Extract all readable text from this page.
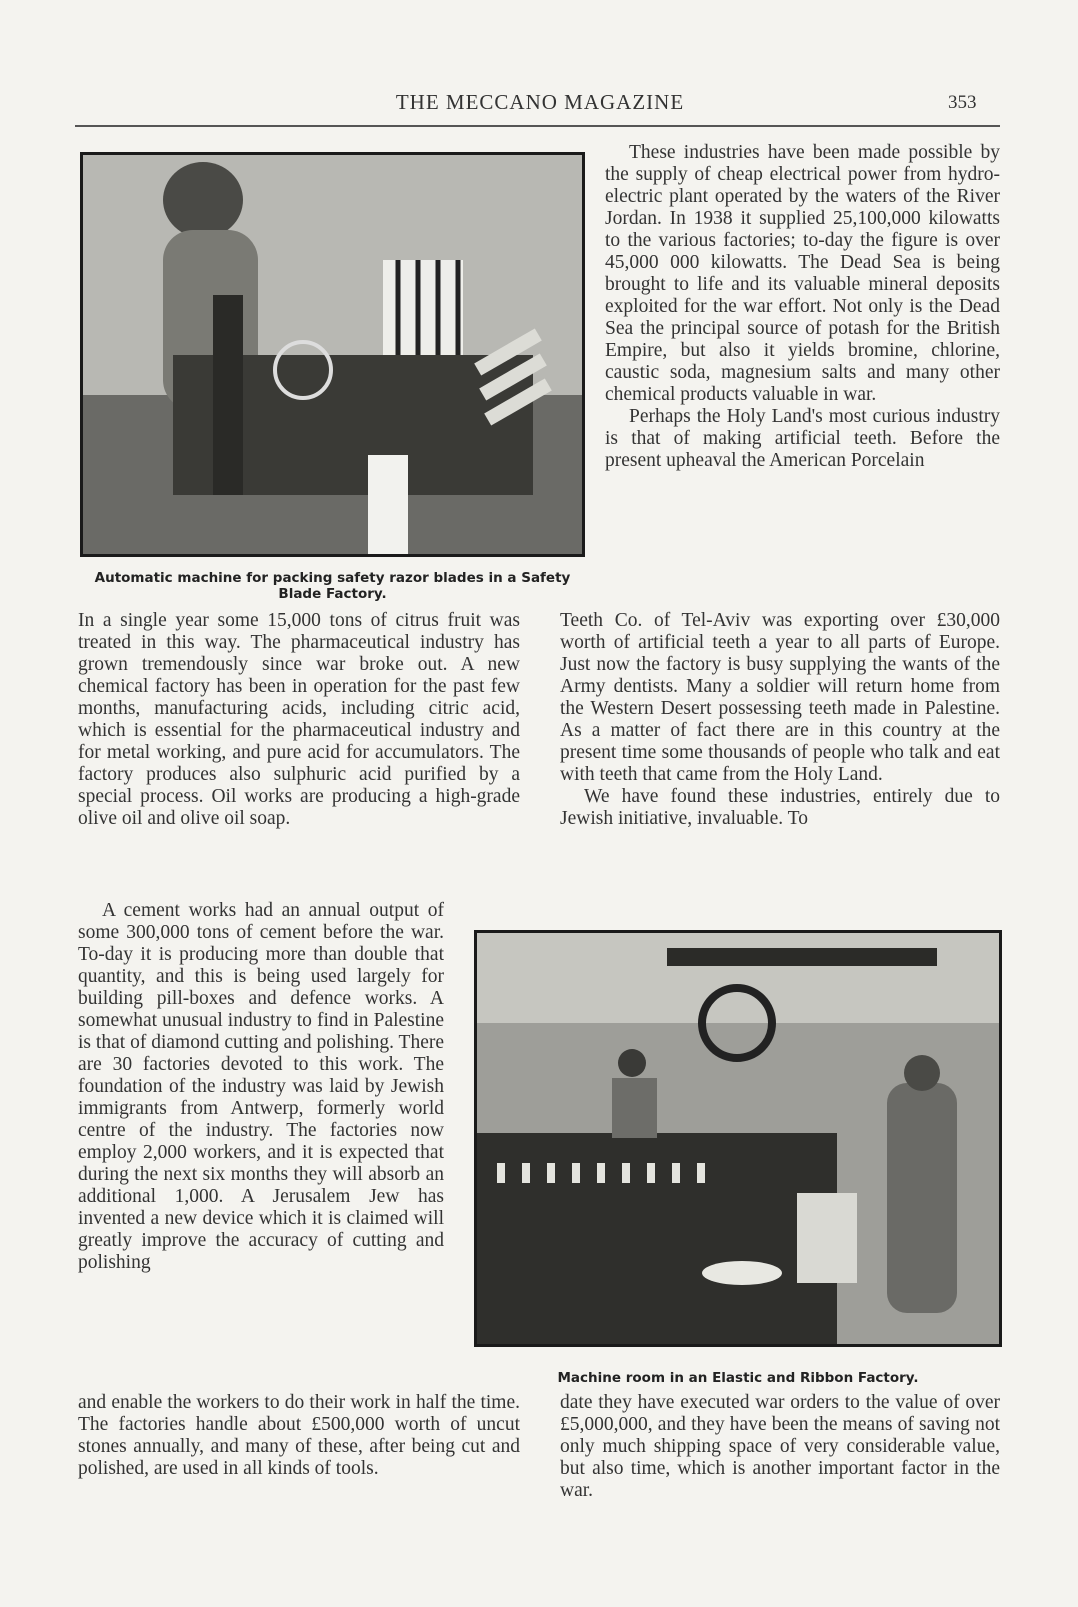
THE MECCANO MAGAZINE	353
Automatic machine for packing safety razor blades in a Safety Blade Factory.

These industries have been made possible by the supply of cheap electrical power from hydro-electric plant operated by the waters of the River Jordan. In 1938 it supplied 25,100,000 kilowatts to the various factories; to-day the figure is over 45,000 000 kilowatts. The Dead Sea is being brought to life and its valuable mineral deposits exploited for the war effort. Not only is the Dead Sea the principal source of potash for the British Empire, but also it yields bromine, chlorine, caustic soda, magnesium salts and many other chemical products valuable in war.

Perhaps the Holy Land's most curious industry is that of making artificial teeth. Before the present upheaval the American Porcelain

In a single year some 15,000 tons of citrus fruit was treated in this way. The pharmaceutical industry has grown tremendously since war broke out. A new chemical factory has been in operation for the past few months, manufacturing acids, including citric acid, which is essential for the pharmaceutical industry and for metal working, and pure acid for accumulators. The factory produces also sulphuric acid purified by a special process. Oil works are producing a high-grade olive oil and olive oil soap.

Teeth Co. of Tel-Aviv was exporting over £30,000 worth of artificial teeth a year to all parts of Europe. Just now the factory is busy supplying the wants of the Army dentists. Many a soldier will return home from the Western Desert possessing teeth made in Palestine. As a matter of fact there are in this country at the present time some thousands of people who talk and eat with teeth that came from the Holy Land.

We have found these industries, entirely due to Jewish initiative, invaluable. To

A cement works had an annual output of some 300,000 tons of cement before the war. To-day it is producing more than double that quantity, and this is being used largely for building pill-boxes and defence works. A somewhat unusual industry to find in Palestine is that of diamond cutting and polishing. There are 30 factories devoted to this work. The foundation of the industry was laid by Jewish immigrants from Antwerp, formerly world centre of the industry. The factories now employ 2,000 workers, and it is expected that during the next six months they will absorb an additional 1,000. A Jerusalem Jew has invented a new device which it is claimed will greatly improve the accuracy of cutting and polishing

Machine room in an Elastic and Ribbon Factory.

and enable the workers to do their work in half the time. The factories handle about £500,000 worth of uncut stones annually, and many of these, after being cut and polished, are used in all kinds of tools.

date they have executed war orders to the value of over £5,000,000, and they have been the means of saving not only much shipping space of very considerable value, but also time, which is another important factor in the war.
